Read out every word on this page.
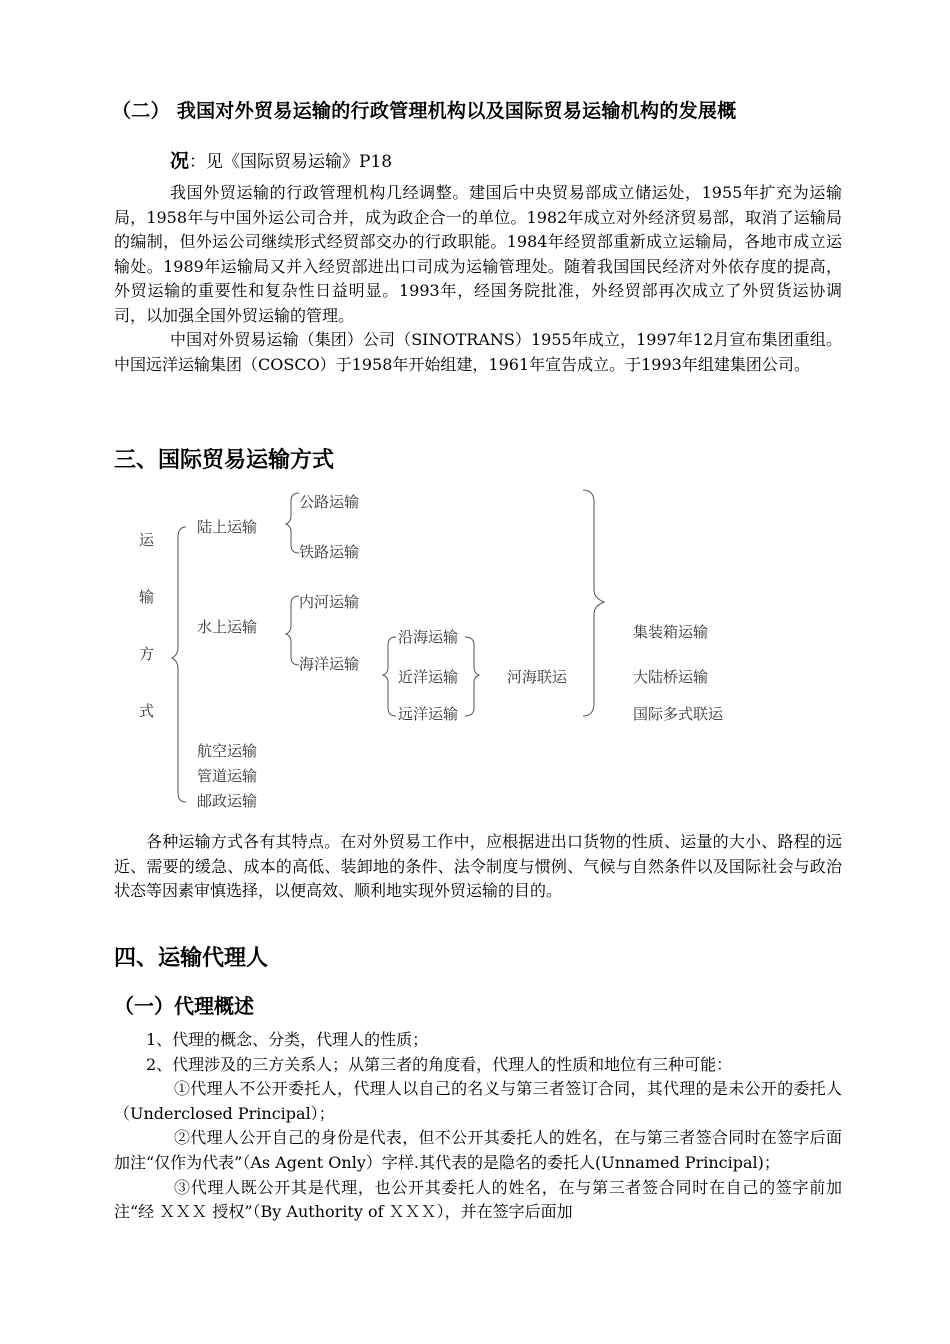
（二） 我国对外贸易运输的行政管理机构以及国际贸易运输机构的发展概
况：见《国际贸易运输》P18

我国外贸运输的行政管理机构几经调整。建国后中央贸易部成立储运处，1955年扩充为运输局，1958年与中国外运公司合并，成为政企合一的单位。1982年成立对外经济贸易部，取消了运输局的编制，但外运公司继续形式经贸部交办的行政职能。1984年经贸部重新成立运输局，各地市成立运输处。1989年运输局又并入经贸部进出口司成为运输管理处。随着我国国民经济对外依存度的提高，外贸运输的重要性和复杂性日益明显。1993年，经国务院批准，外经贸部再次成立了外贸货运协调司，以加强全国外贸运输的管理。

中国对外贸易运输（集团）公司（SINOTRANS）1955年成立，1997年12月宣布集团重组。中国远洋运输集团（COSCO）于1958年开始组建，1961年宣告成立。于1993年组建集团公司。

三、国际贸易运输方式
运
输
方
式
陆上运输
公路运输
铁路运输
水上运输
内河运输
海洋运输
沿海运输
近洋运输
远洋运输
河海联运
集装箱运输
大陆桥运输
国际多式联运
航空运输
管道运输
邮政运输

各种运输方式各有其特点。在对外贸易工作中，应根据进出口货物的性质、运量的大小、路程的远近、需要的缓急、成本的高低、装卸地的条件、法令制度与惯例、气候与自然条件以及国际社会与政治状态等因素审慎选择，以便高效、顺利地实现外贸运输的目的。

四、运输代理人
（一）代理概述

1、代理的概念、分类，代理人的性质；

2、代理涉及的三方关系人；从第三者的角度看，代理人的性质和地位有三种可能：

①代理人不公开委托人，代理人以自己的名义与第三者签订合同，其代理的是未公开的委托人（Underclosed Principal）；

②代理人公开自己的身份是代表，但不公开其委托人的姓名，在与第三者签合同时在签字后面加注“仅作为代表”（As Agent Only）字样.其代表的是隐名的委托人(Unnamed Principal)；

③代理人既公开其是代理，也公开其委托人的姓名，在与第三者签合同时在自己的签字前加注“经 ＸＸＸ 授权”（By Authority of ＸＸＸ），并在签字后面加
